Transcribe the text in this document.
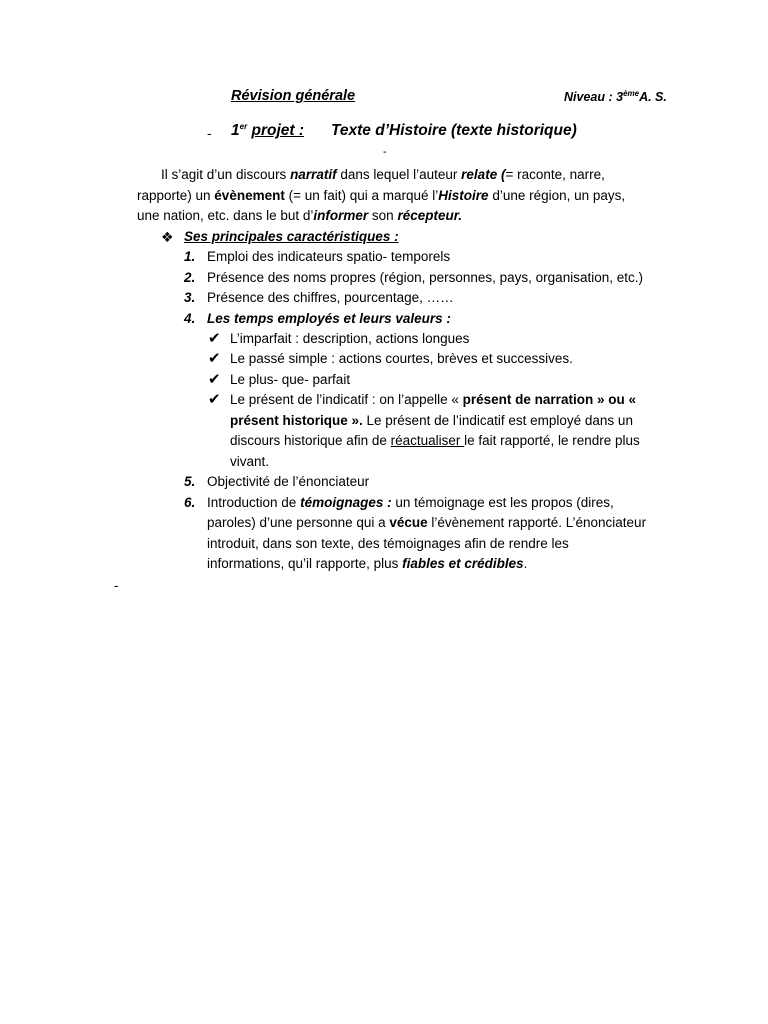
Révision générale	Niveau : 3èmeA. S.
- 1er projet : Texte d’Histoire (texte historique)
-
Il s’agit d’un discours narratif dans lequel l’auteur relate (= raconte, narre,
rapporte) un évènement (= un fait) qui a marqué l’Histoire d’une région, un pays,
une nation, etc. dans le but d’informer son récepteur.
❖ Ses principales caractéristiques :
1. Emploi des indicateurs spatio- temporels
2. Présence des noms propres (région, personnes, pays, organisation, etc.)
3. Présence des chiffres, pourcentage, ……
4. Les temps employés et leurs valeurs :
✔ L’imparfait : description, actions longues
✔ Le passé simple : actions courtes, brèves et successives.
✔ Le plus- que- parfait
✔ Le présent de l’indicatif : on l’appelle « présent de narration » ou «
présent historique ». Le présent de l’indicatif est employé dans un
discours historique afin de réactualiser le fait rapporté, le rendre plus
vivant.
5. Objectivité de l’énonciateur
6. Introduction de témoignages : un témoignage est les propos (dires,
paroles) d’une personne qui a vécue l’évènement rapporté. L’énonciateur
introduit, dans son texte, des témoignages afin de rendre les
informations, qu’il rapporte, plus fiables et crédibles.
-
